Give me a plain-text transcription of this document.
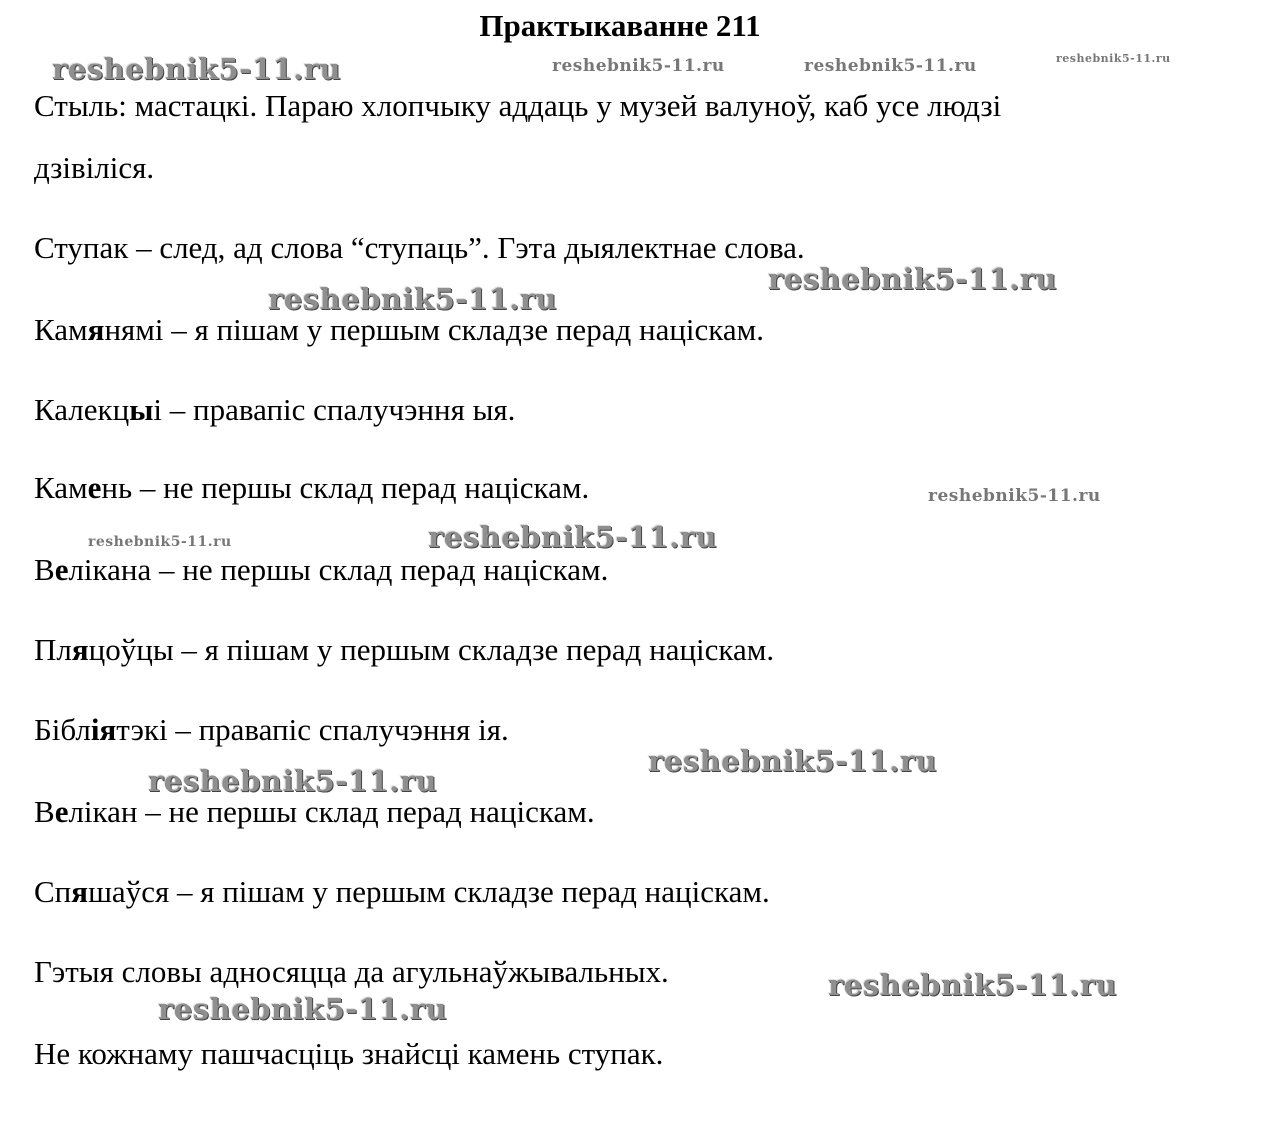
Практыкаванне 211
reshebnik5-11.ru	reshebnik5-11.ru	reshebnik5-11.ru	reshebnik5-11.ru
reshebnik5-11.ru
reshebnik5-11.ru
reshebnik5-11.ru
reshebnik5-11.ru	reshebnik5-11.ru
reshebnik5-11.ru
reshebnik5-11.ru
reshebnik5-11.ru
reshebnik5-11.ru
Стыль: мастацкі. Параю хлопчыку аддаць у музей валуноў, каб усе людзі
дзівіліся.
Ступак – след, ад слова “ступаць”. Гэта дыялектнае слова.
Камянямі – я пішам у першым складзе перад націскам.
Калекцыі – правапіс спалучэння ыя.
Камень – не першы склад перад націскам.
Велікана – не першы склад перад націскам.
Пляцоўцы – я пішам у першым складзе перад націскам.
Бібліятэкі – правапіс спалучэння ія.
Велікан – не першы склад перад націскам.
Спяшаўся – я пішам у першым складзе перад націскам.
Гэтыя словы адносяцца да агульнаўжывальных.
Не кожнаму пашчасціць знайсці камень ступак.
